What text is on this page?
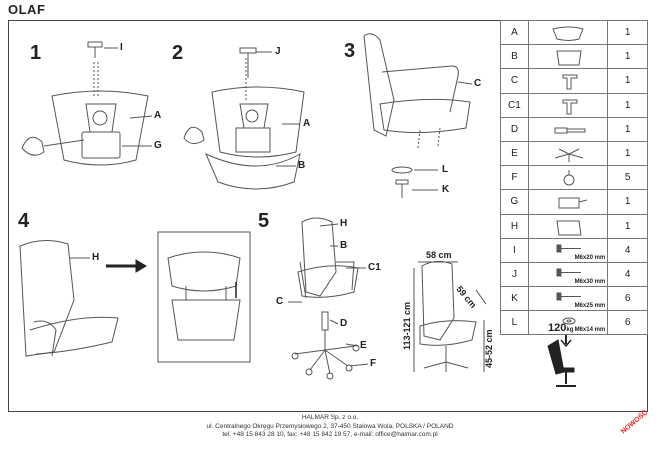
OLAF
1	2	3
4	5
I
A
G
J
A
B
C
L
K
H
H
B
C1
C
D
E
F
58 cm
59 cm
113-121 cm	45-52 cm
120kg
A		1
B		1
C		1
C1		1
D		1
E		1
F		5
G		1
H		1
I	M6x20 mm	4
J	M6x30 mm	4
K	M6x25 mm	6
L	M6x14 mm	6
HALMAR Sp. z o.o.
ul. Centralnego Okręgu Przemysłowego 2, 37-450 Stalowa Wola, POLSKA / POLAND
tel. +48 15 843 28 10, fax: +48 15 842 19 57, e-mail: office@halmar.com.pl	NOWOŚĆ
